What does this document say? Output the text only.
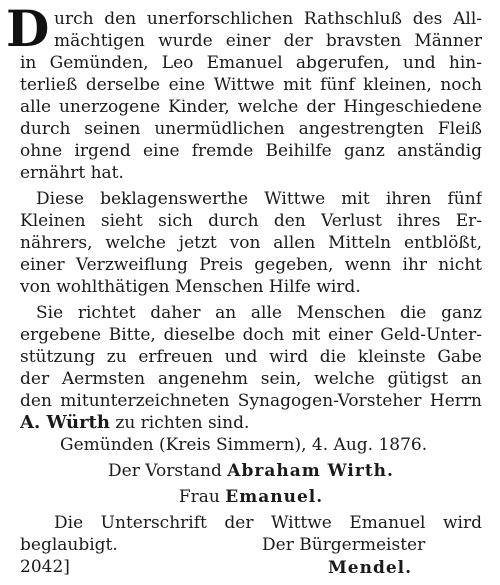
D urch den unerforschlichen Rathschluß des All-
mächtigen wurde einer der bravsten Männer
in Gemünden, Leo Emanuel abgerufen, und hin-
terließ derselbe eine Wittwe mit fünf kleinen, noch
alle unerzogene Kinder, welche der Hingeschiedene
durch seinen unermüdlichen angestrengten Fleiß
ohne irgend eine fremde Beihilfe ganz anständig
ernährt hat.
Diese beklagenswerthe Wittwe mit ihren fünf
Kleinen sieht sich durch den Verlust ihres Er-
nährers, welche jetzt von allen Mitteln entblößt,
einer Verzweiflung Preis gegeben, wenn ihr nicht
von wohlthätigen Menschen Hilfe wird.
Sie richtet daher an alle Menschen die ganz
ergebene Bitte, dieselbe doch mit einer Geld-Unter-
stützung zu erfreuen und wird die kleinste Gabe
der Aermsten angenehm sein, welche gütigst an
den mitunterzeichneten Synagogen-Vorsteher Herrn
A. Würth zu richten sind.
Gemünden (Kreis Simmern), 4. Aug. 1876.
Der Vorstand Abraham Wirth.
Frau Emanuel.
Die Unterschrift der Wittwe Emanuel wird
beglaubigt.	Der Bürgermeister
2042]	Mendel.
